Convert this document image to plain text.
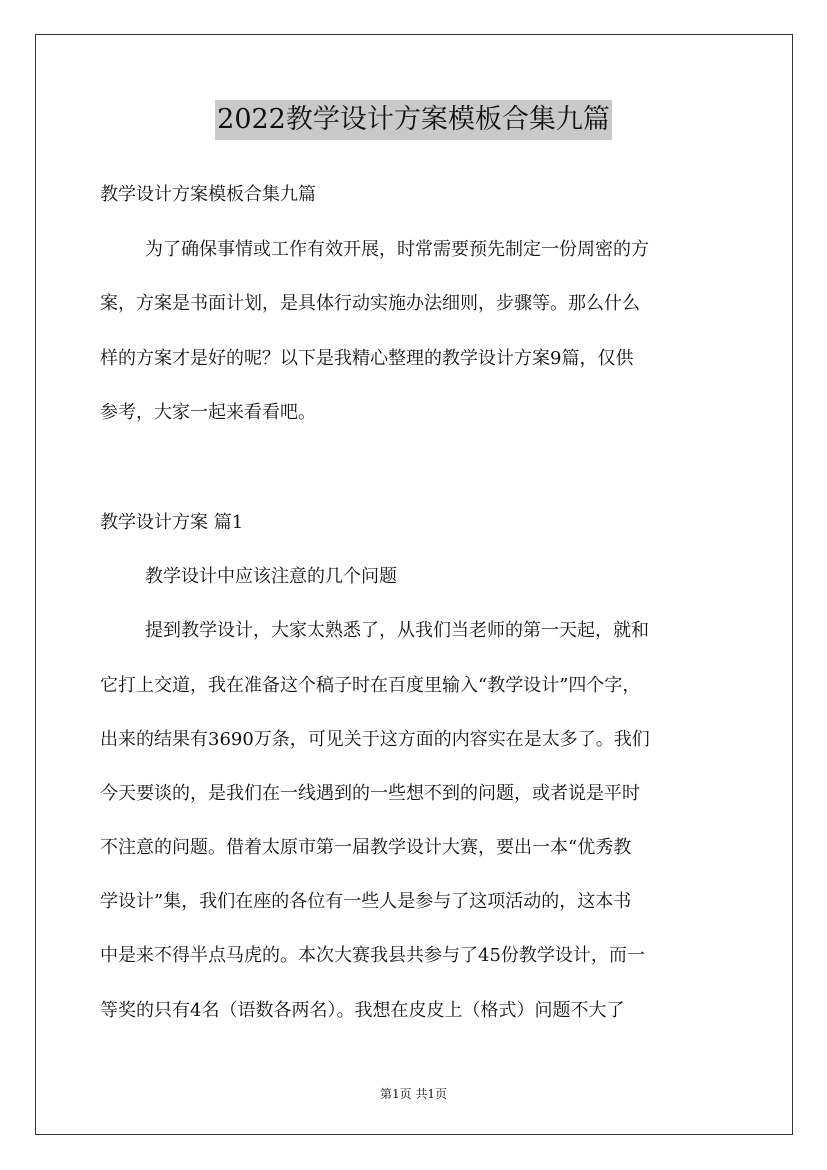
2022教学设计方案模板合集九篇
教学设计方案模板合集九篇
为了确保事情或工作有效开展，时常需要预先制定一份周密的方
案，方案是书面计划，是具体行动实施办法细则，步骤等。那么什么
样的方案才是好的呢？以下是我精心整理的教学设计方案9篇，仅供
参考，大家一起来看看吧。
教学设计方案 篇1
教学设计中应该注意的几个问题
提到教学设计，大家太熟悉了，从我们当老师的第一天起，就和
它打上交道，我在准备这个稿子时在百度里输入“教学设计”四个字，
出来的结果有3690万条，可见关于这方面的内容实在是太多了。我们
今天要谈的，是我们在一线遇到的一些想不到的问题，或者说是平时
不注意的问题。借着太原市第一届教学设计大赛，要出一本“优秀教
学设计”集，我们在座的各位有一些人是参与了这项活动的，这本书
中是来不得半点马虎的。本次大赛我县共参与了45份教学设计，而一
等奖的只有4名（语数各两名）。我想在皮皮上（格式）问题不大了
第1页 共1页
